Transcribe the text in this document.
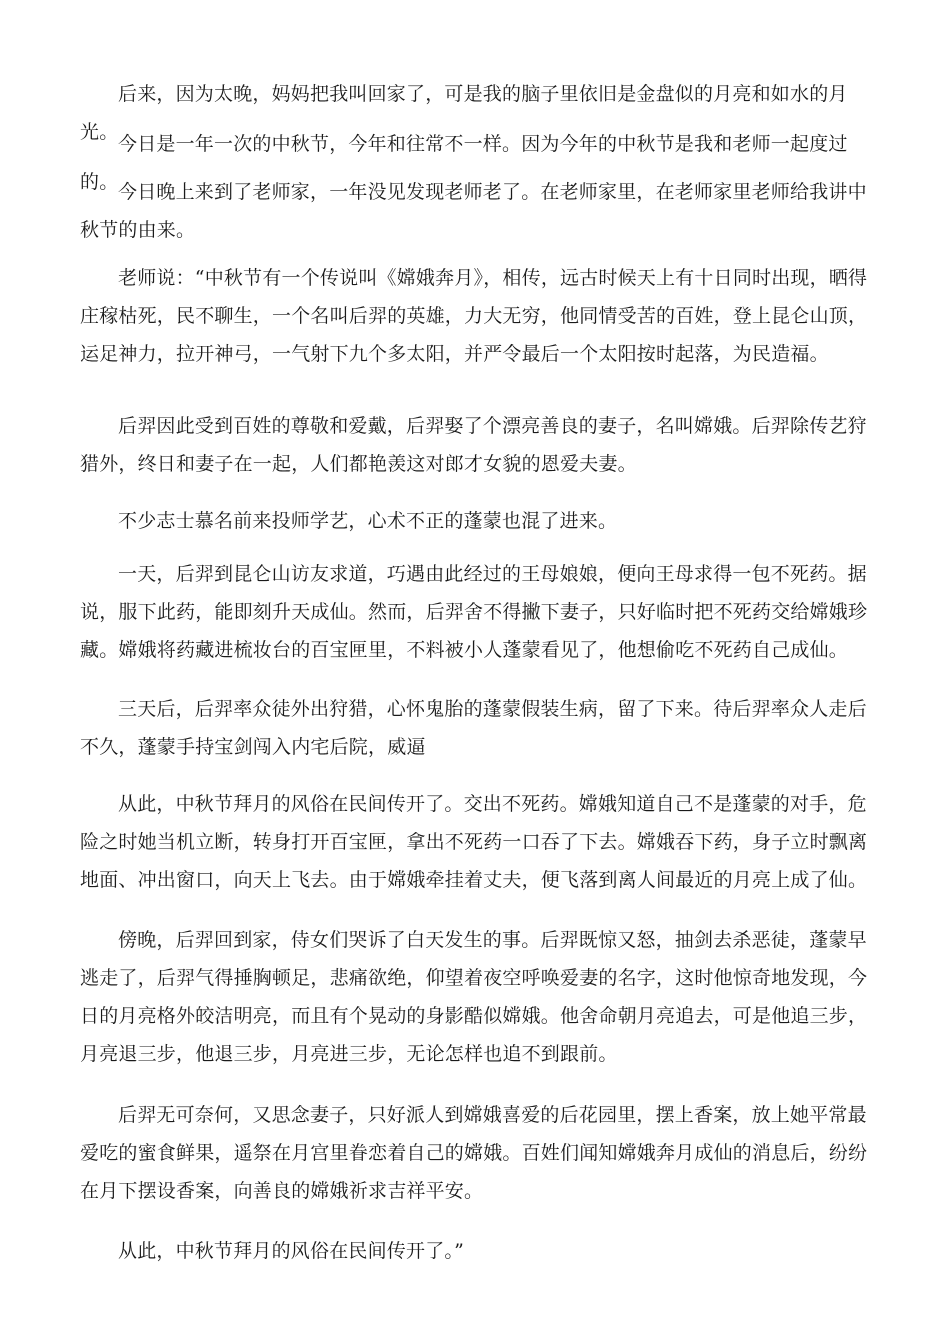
后来，因为太晚，妈妈把我叫回家了，可是我的脑子里依旧是金盘似的月亮和如水的月光。

今日是一年一次的中秋节，今年和往常不一样。因为今年的中秋节是我和老师一起度过的。 今日晚上来到了老师家，一年没见发现老师老了。在老师家里，在老师家里老师给我讲中秋节的由来。

老师说：“中秋节有一个传说叫《嫦娥奔月》，相传，远古时候天上有十日同时出现，晒得庄稼枯死，民不聊生，一个名叫后羿的英雄，力大无穷，他同情受苦的百姓，登上昆仑山顶，运足神力，拉开神弓，一气射下九个多太阳，并严令最后一个太阳按时起落，为民造福。

后羿因此受到百姓的尊敬和爱戴，后羿娶了个漂亮善良的妻子，名叫嫦娥。后羿除传艺狩猎外，终日和妻子在一起，人们都艳羡这对郎才女貌的恩爱夫妻。

不少志士慕名前来投师学艺，心术不正的蓬蒙也混了进来。

一天，后羿到昆仑山访友求道，巧遇由此经过的王母娘娘，便向王母求得一包不死药。据说，服下此药，能即刻升天成仙。然而，后羿舍不得撇下妻子，只好临时把不死药交给嫦娥珍藏。嫦娥将药藏进梳妆台的百宝匣里，不料被小人蓬蒙看见了，他想偷吃不死药自己成仙。

三天后，后羿率众徒外出狩猎，心怀鬼胎的蓬蒙假装生病，留了下来。待后羿率众人走后不久，蓬蒙手持宝剑闯入内宅后院，威逼

从此，中秋节拜月的风俗在民间传开了。交出不死药。嫦娥知道自己不是蓬蒙的对手，危险之时她当机立断，转身打开百宝匣，拿出不死药一口吞了下去。嫦娥吞下药，身子立时飘离地面、冲出窗口，向天上飞去。由于嫦娥牵挂着丈夫，便飞落到离人间最近的月亮上成了仙。

傍晚，后羿回到家，侍女们哭诉了白天发生的事。后羿既惊又怒，抽剑去杀恶徒，蓬蒙早逃走了，后羿气得捶胸顿足，悲痛欲绝，仰望着夜空呼唤爱妻的名字，这时他惊奇地发现，今日的月亮格外皎洁明亮，而且有个晃动的身影酷似嫦娥。他舍命朝月亮追去，可是他追三步，月亮退三步，他退三步，月亮进三步，无论怎样也追不到跟前。

后羿无可奈何，又思念妻子，只好派人到嫦娥喜爱的后花园里，摆上香案，放上她平常最爱吃的蜜食鲜果，遥祭在月宫里眷恋着自己的嫦娥。百姓们闻知嫦娥奔月成仙的消息后，纷纷在月下摆设香案，向善良的嫦娥祈求吉祥平安。

从此，中秋节拜月的风俗在民间传开了。”
